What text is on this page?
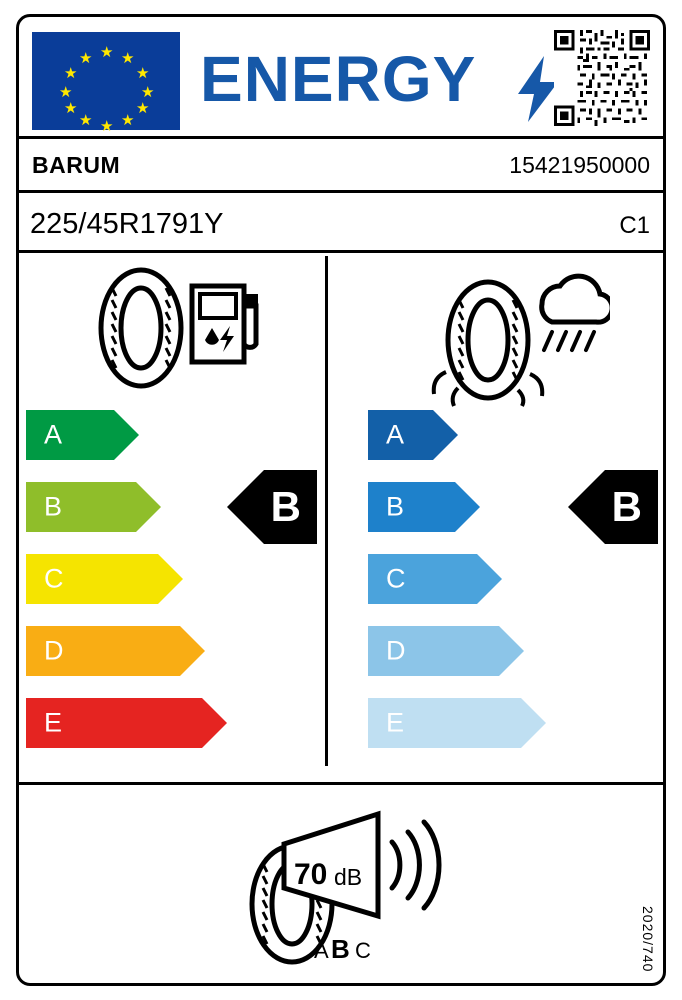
★
★ ★
★	★
★	★
★	★
★ ★
★
ENERGY
BARUM	15421950000
225/45R1791Y	C1
A
B
C
D
E
B
A
B
C
D
E
B
70 dB
A B C	2020/740
